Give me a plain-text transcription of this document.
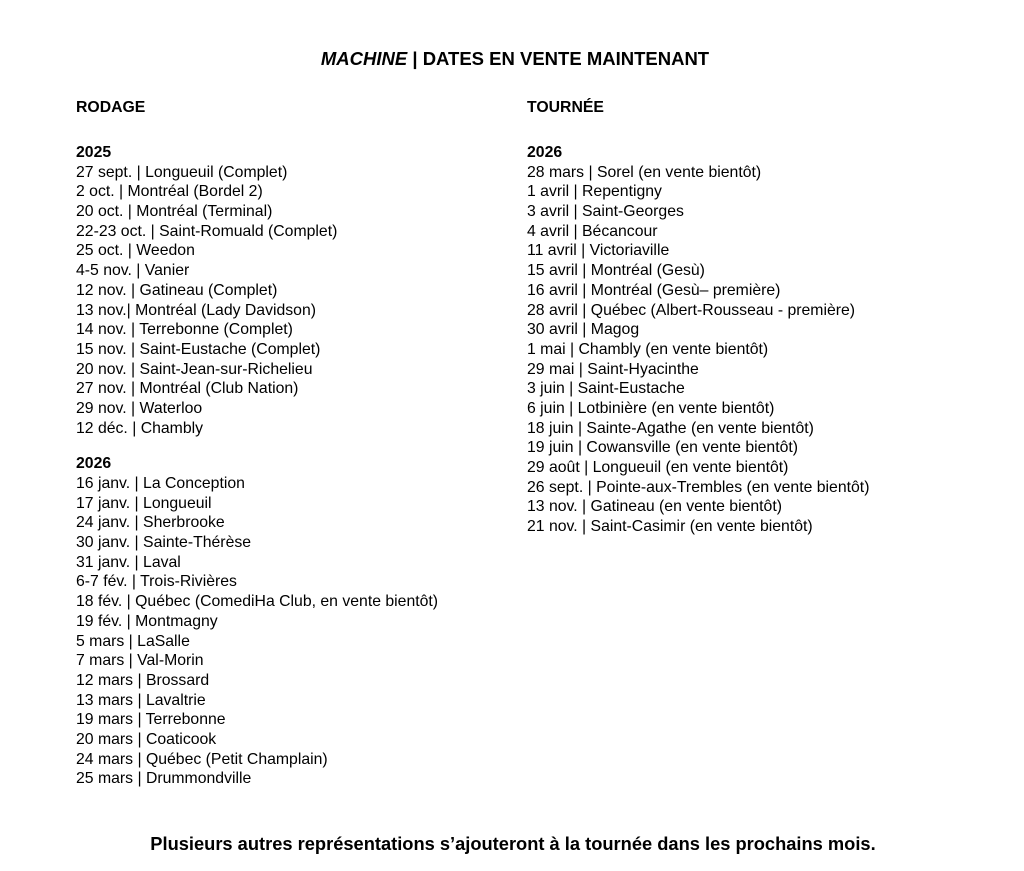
MACHINE | DATES EN VENTE MAINTENANT
RODAGE
2025
27 sept. | Longueuil (Complet)
2 oct. | Montréal (Bordel 2)
20 oct. | Montréal (Terminal)
22-23 oct. | Saint-Romuald (Complet)
25 oct. | Weedon
4-5 nov. | Vanier
12 nov. | Gatineau (Complet)
13 nov.| Montréal (Lady Davidson)
14 nov. | Terrebonne (Complet)
15 nov. | Saint-Eustache (Complet)
20 nov. | Saint-Jean-sur-Richelieu
27 nov. | Montréal (Club Nation)
29 nov. | Waterloo
12 déc. | Chambly
2026
16 janv. | La Conception
17 janv. | Longueuil
24 janv. | Sherbrooke
30 janv. | Sainte-Thérèse
31 janv. | Laval
6-7 fév. | Trois-Rivières
18 fév. | Québec (ComediHa Club, en vente bientôt)
19 fév. | Montmagny
5 mars | LaSalle
7 mars | Val-Morin
12 mars | Brossard
13 mars | Lavaltrie
19 mars | Terrebonne
20 mars | Coaticook
24 mars | Québec (Petit Champlain)
25 mars | Drummondville
TOURNÉE
2026
28 mars | Sorel (en vente bientôt)
1 avril | Repentigny
3 avril | Saint-Georges
4 avril | Bécancour
11 avril | Victoriaville
15 avril | Montréal (Gesù)
16 avril | Montréal (Gesù– première)
28 avril | Québec (Albert-Rousseau - première)
30 avril | Magog
1 mai | Chambly (en vente bientôt)
29 mai | Saint-Hyacinthe
3 juin | Saint-Eustache
6 juin | Lotbinière (en vente bientôt)
18 juin | Sainte-Agathe (en vente bientôt)
19 juin | Cowansville (en vente bientôt)
29 août | Longueuil (en vente bientôt)
26 sept. | Pointe-aux-Trembles (en vente bientôt)
13 nov. | Gatineau (en vente bientôt)
21 nov. | Saint-Casimir (en vente bientôt)
Plusieurs autres représentations s’ajouteront à la tournée dans les prochains mois.
